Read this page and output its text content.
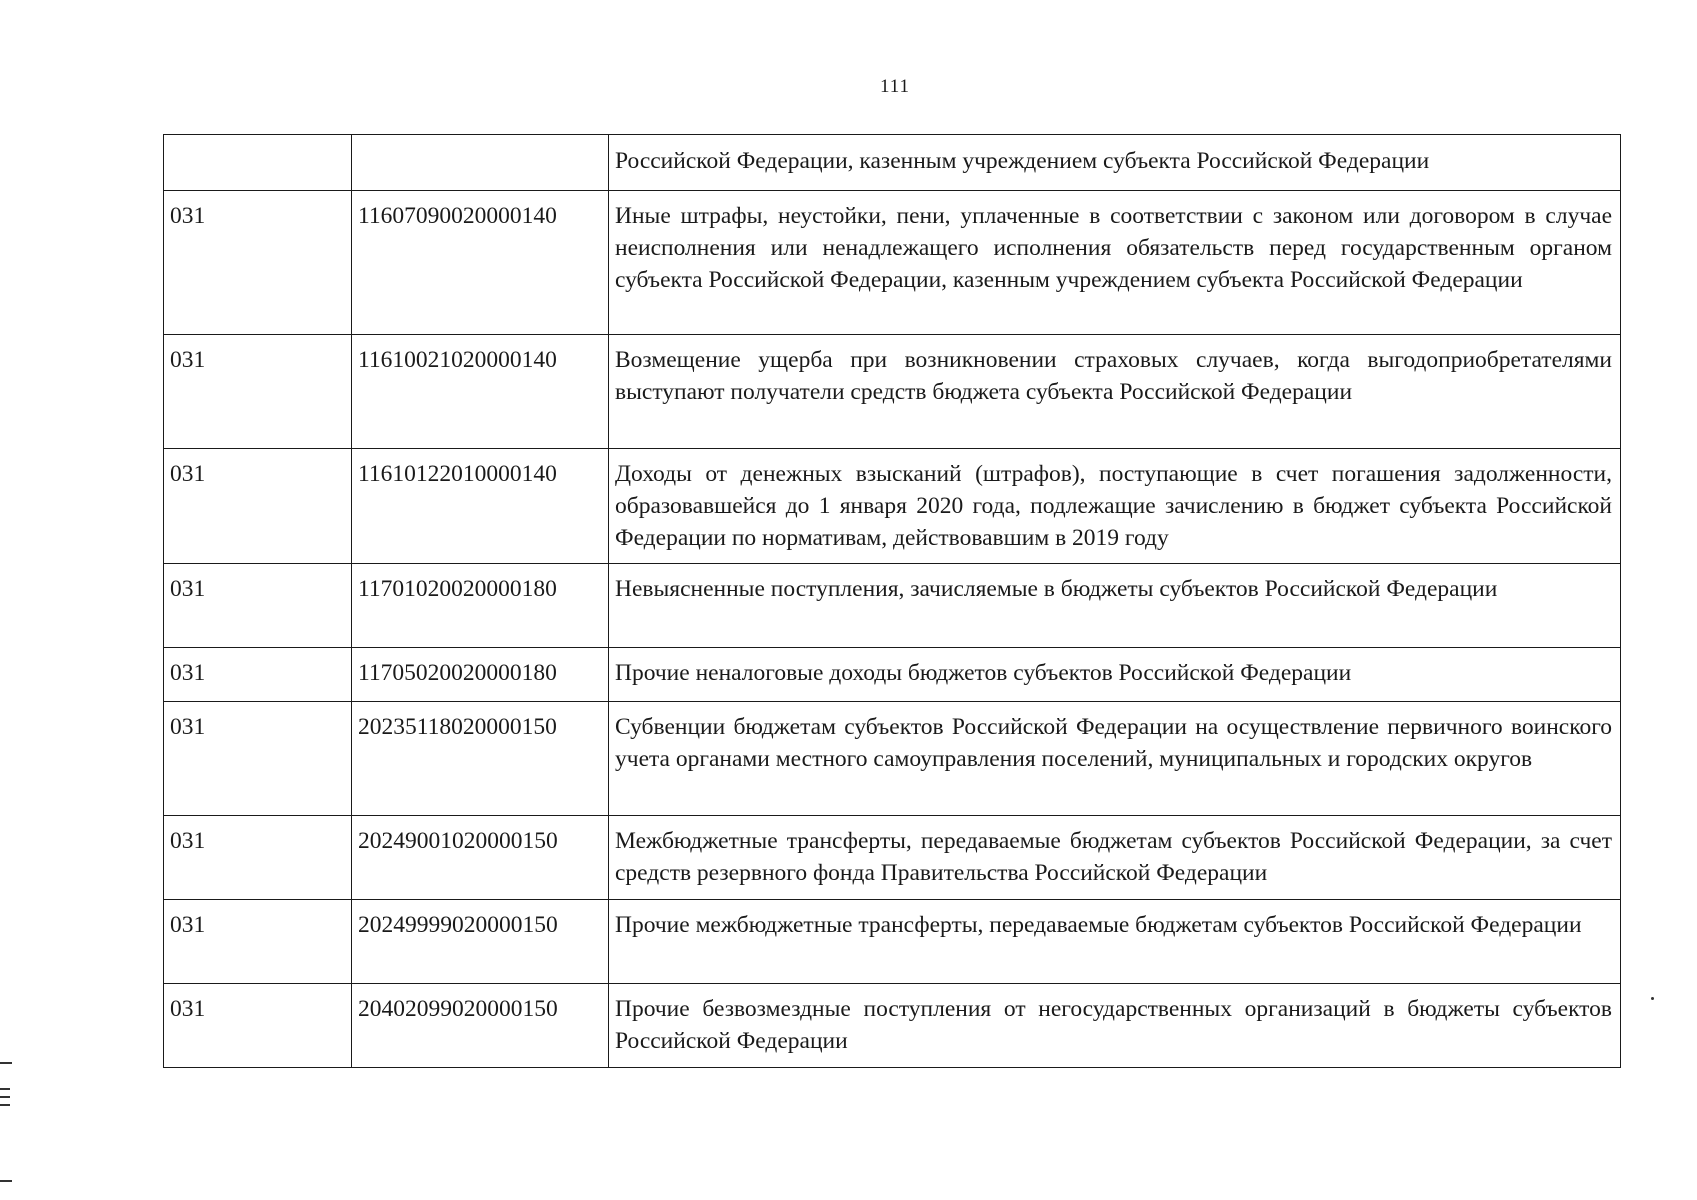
111
		Российской Федерации, казенным учреждением субъекта Российской Федерации
031	11607090020000140	Иные штрафы, неустойки, пени, уплаченные в соответствии с законом или договором в случае неисполнения или ненадлежащего исполнения обязательств перед государственным органом субъекта Российской Федерации, казенным учреждением субъекта Российской Федерации
031	11610021020000140	Возмещение ущерба при возникновении страховых случаев, когда выгодоприобретателями выступают получатели средств бюджета субъекта Российской Федерации
031	11610122010000140	Доходы от денежных взысканий (штрафов), поступающие в счет погашения задолженности, образовавшейся до 1 января 2020 года, подлежащие зачислению в бюджет субъекта Российской Федерации по нормативам, действовавшим в 2019 году
031	11701020020000180	Невыясненные поступления, зачисляемые в бюджеты субъектов Российской Федерации
031	11705020020000180	Прочие неналоговые доходы бюджетов субъектов Российской Федерации
031	20235118020000150	Субвенции бюджетам субъектов Российской Федерации на осуществление первичного воинского учета органами местного самоуправления поселений, муниципальных и городских округов
031	20249001020000150	Межбюджетные трансферты, передаваемые бюджетам субъектов Российской Федерации, за счет средств резервного фонда Правительства Российской Федерации
031	20249999020000150	Прочие межбюджетные трансферты, передаваемые бюджетам субъектов Российской Федерации
031	20402099020000150	Прочие безвозмездные поступления от негосударственных организаций в бюджеты субъектов Российской Федерации
